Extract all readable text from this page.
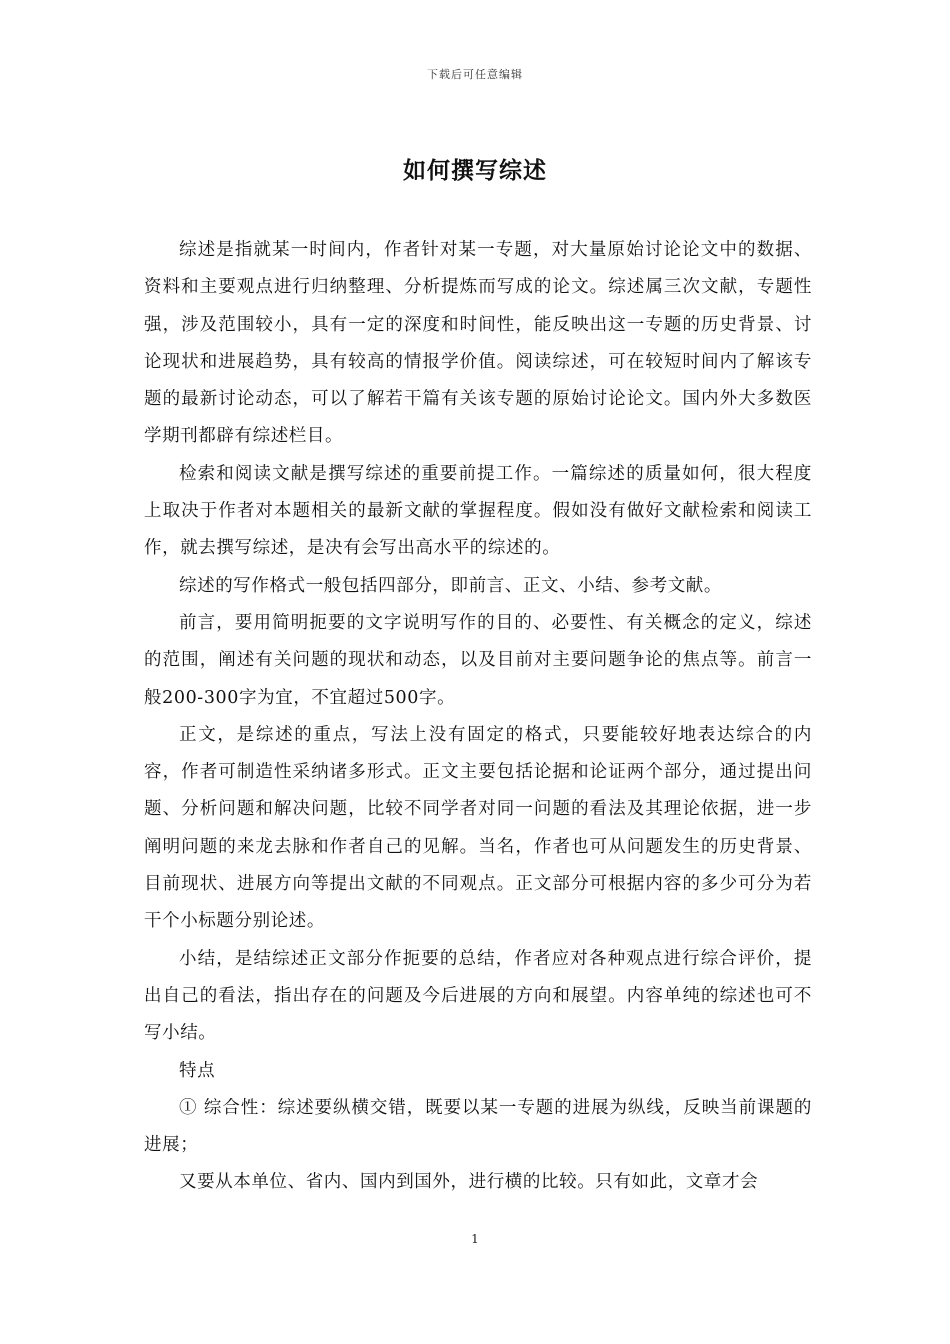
下载后可任意编辑
如何撰写综述

综述是指就某一时间内，作者针对某一专题，对大量原始讨论论文中的数据、资料和主要观点进行归纳整理、分析提炼而写成的论文。综述属三次文献，专题性强，涉及范围较小，具有一定的深度和时间性，能反映出这一专题的历史背景、讨论现状和进展趋势，具有较高的情报学价值。阅读综述，可在较短时间内了解该专题的最新讨论动态，可以了解若干篇有关该专题的原始讨论论文。国内外大多数医学期刊都辟有综述栏目。

检索和阅读文献是撰写综述的重要前提工作。一篇综述的质量如何，很大程度上取决于作者对本题相关的最新文献的掌握程度。假如没有做好文献检索和阅读工作，就去撰写综述，是决有会写出高水平的综述的。

综述的写作格式一般包括四部分，即前言、正文、小结、参考文献。

前言，要用简明扼要的文字说明写作的目的、必要性、有关概念的定义，综述的范围，阐述有关问题的现状和动态，以及目前对主要问题争论的焦点等。前言一般200-300字为宜，不宜超过500字。

正文，是综述的重点，写法上没有固定的格式，只要能较好地表达综合的内容，作者可制造性采纳诸多形式。正文主要包括论据和论证两个部分，通过提出问题、分析问题和解决问题，比较不同学者对同一问题的看法及其理论依据，进一步阐明问题的来龙去脉和作者自己的见解。当名，作者也可从问题发生的历史背景、目前现状、进展方向等提出文献的不同观点。正文部分可根据内容的多少可分为若干个小标题分别论述。

小结，是结综述正文部分作扼要的总结，作者应对各种观点进行综合评价，提出自己的看法，指出存在的问题及今后进展的方向和展望。内容单纯的综述也可不写小结。

特点

① 综合性：综述要纵横交错，既要以某一专题的进展为纵线，反映当前课题的进展；

又要从本单位、省内、国内到国外，进行横的比较。只有如此，文章才会

1
